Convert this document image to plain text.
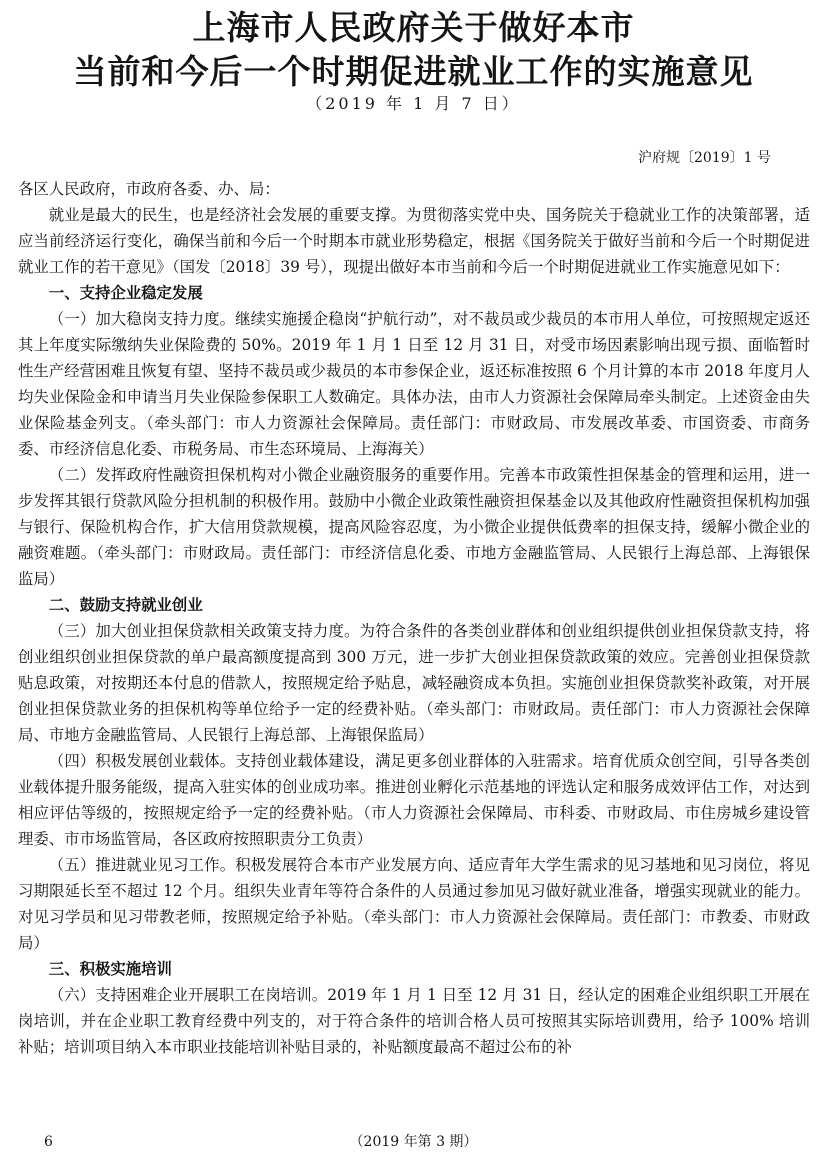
上海市人民政府关于做好本市
当前和今后一个时期促进就业工作的实施意见
（2019 年 1 月 7 日）
沪府规〔2019〕1 号

各区人民政府，市政府各委、办、局：

就业是最大的民生，也是经济社会发展的重要支撑。为贯彻落实党中央、国务院关于稳就业工作的决策部署，适应当前经济运行变化，确保当前和今后一个时期本市就业形势稳定，根据《国务院关于做好当前和今后一个时期促进就业工作的若干意见》（国发〔2018〕39 号），现提出做好本市当前和今后一个时期促进就业工作实施意见如下：

一、支持企业稳定发展

（一）加大稳岗支持力度。继续实施援企稳岗“护航行动”，对不裁员或少裁员的本市用人单位，可按照规定返还其上年度实际缴纳失业保险费的 50%。2019 年 1 月 1 日至 12 月 31 日，对受市场因素影响出现亏损、面临暂时性生产经营困难且恢复有望、坚持不裁员或少裁员的本市参保企业，返还标准按照 6 个月计算的本市 2018 年度月人均失业保险金和申请当月失业保险参保职工人数确定。具体办法，由市人力资源社会保障局牵头制定。上述资金由失业保险基金列支。（牵头部门：市人力资源社会保障局。责任部门：市财政局、市发展改革委、市国资委、市商务委、市经济信息化委、市税务局、市生态环境局、上海海关）

（二）发挥政府性融资担保机构对小微企业融资服务的重要作用。完善本市政策性担保基金的管理和运用，进一步发挥其银行贷款风险分担机制的积极作用。鼓励中小微企业政策性融资担保基金以及其他政府性融资担保机构加强与银行、保险机构合作，扩大信用贷款规模，提高风险容忍度，为小微企业提供低费率的担保支持，缓解小微企业的融资难题。（牵头部门：市财政局。责任部门：市经济信息化委、市地方金融监管局、人民银行上海总部、上海银保监局）

二、鼓励支持就业创业

（三）加大创业担保贷款相关政策支持力度。为符合条件的各类创业群体和创业组织提供创业担保贷款支持，将创业组织创业担保贷款的单户最高额度提高到 300 万元，进一步扩大创业担保贷款政策的效应。完善创业担保贷款贴息政策，对按期还本付息的借款人，按照规定给予贴息，减轻融资成本负担。实施创业担保贷款奖补政策，对开展创业担保贷款业务的担保机构等单位给予一定的经费补贴。（牵头部门：市财政局。责任部门：市人力资源社会保障局、市地方金融监管局、人民银行上海总部、上海银保监局）

（四）积极发展创业载体。支持创业载体建设，满足更多创业群体的入驻需求。培育优质众创空间，引导各类创业载体提升服务能级，提高入驻实体的创业成功率。推进创业孵化示范基地的评选认定和服务成效评估工作，对达到相应评估等级的，按照规定给予一定的经费补贴。（市人力资源社会保障局、市科委、市财政局、市住房城乡建设管理委、市市场监管局，各区政府按照职责分工负责）

（五）推进就业见习工作。积极发展符合本市产业发展方向、适应青年大学生需求的见习基地和见习岗位，将见习期限延长至不超过 12 个月。组织失业青年等符合条件的人员通过参加见习做好就业准备，增强实现就业的能力。对见习学员和见习带教老师，按照规定给予补贴。（牵头部门：市人力资源社会保障局。责任部门：市教委、市财政局）

三、积极实施培训

（六）支持困难企业开展职工在岗培训。2019 年 1 月 1 日至 12 月 31 日，经认定的困难企业组织职工开展在岗培训，并在企业职工教育经费中列支的，对于符合条件的培训合格人员可按照其实际培训费用，给予 100% 培训补贴；培训项目纳入本市职业技能培训补贴目录的，补贴额度最高不超过公布的补

6	（2019 年第 3 期）
